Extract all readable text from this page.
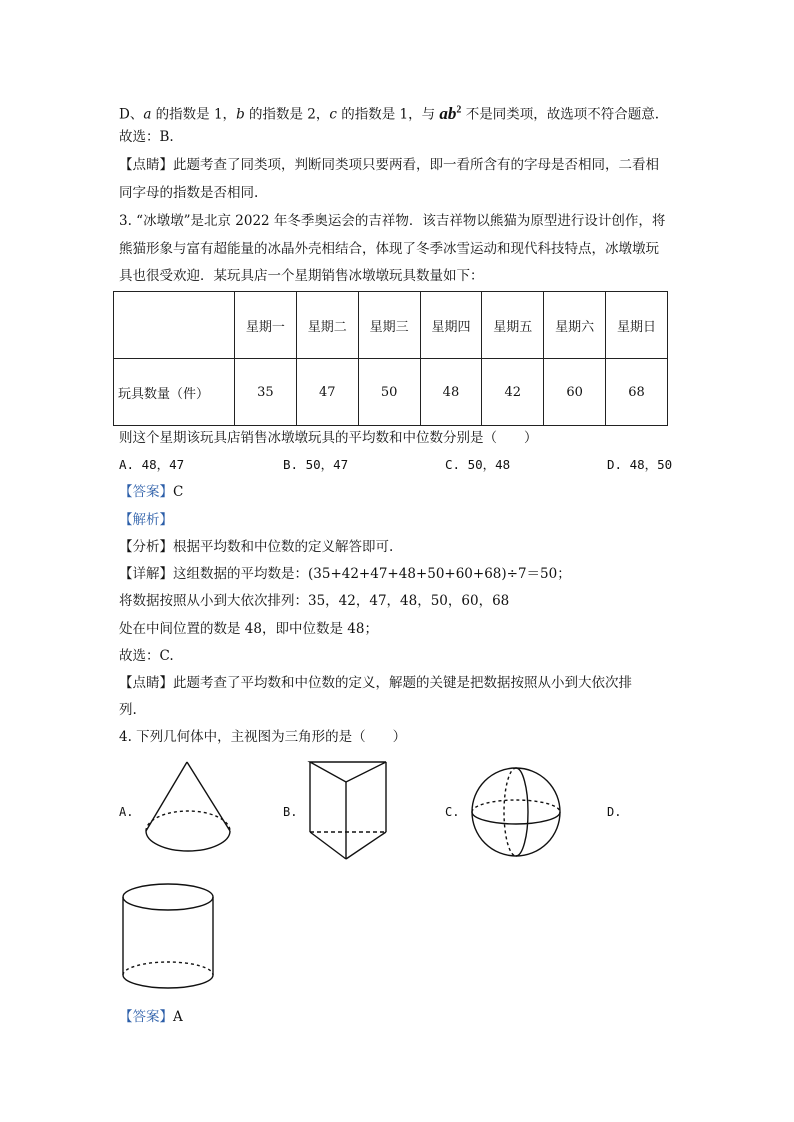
D、a 的指数是 1，b 的指数是 2，c 的指数是 1，与 $ab^2$ 不是同类项，故选项不符合题意.
故选：B.
【点睛】此题考查了同类项，判断同类项只要两看，即一看所含有的字母是否相同，二看相
同字母的指数是否相同.
3. “冰墩墩”是北京 2022 年冬季奥运会的吉祥物．该吉祥物以熊猫为原型进行设计创作，将
熊猫形象与富有超能量的冰晶外壳相结合，体现了冬季冰雪运动和现代科技特点，冰墩墩玩
具也很受欢迎．某玩具店一个星期销售冰墩墩玩具数量如下：
	星期一	星期二	星期三	星期四	星期五	星期六	星期日
玩具数量（件）	35	47	50	48	42	60	68
则这个星期该玩具店销售冰墩墩玩具的平均数和中位数分别是（　　）
A. 48，47	B. 50，47	C. 50，48	D. 48，50
【答案】C
【解析】
【分析】根据平均数和中位数的定义解答即可.
【详解】这组数据的平均数是：(35+42+47+48+50+60+68)÷7＝50；
将数据按照从小到大依次排列：35，42，47，48，50，60，68
处在中间位置的数是 48，即中位数是 48；
故选：C.
【点睛】此题考查了平均数和中位数的定义，解题的关键是把数据按照从小到大依次排
列.
4. 下列几何体中，主视图为三角形的是（　　）
A.	B.	C.	D.
【答案】A
